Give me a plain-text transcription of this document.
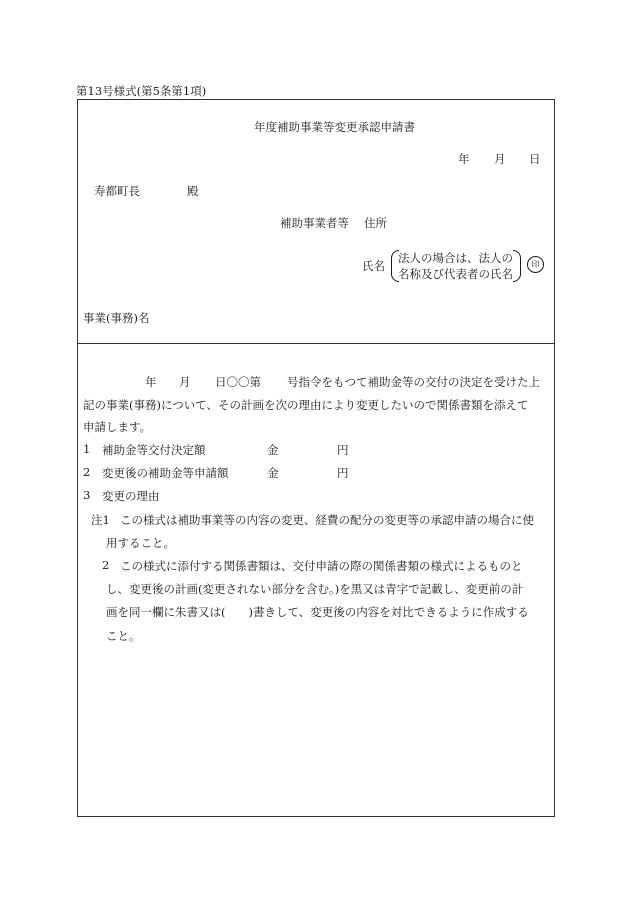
第13号様式(第5条第1項)
年度補助事業等変更承認申請書
年 月 日
寿都町長	殿
補助事業者等 住所
氏名
法人の場合は、法人の
名称及び代表者の氏名
印
事業(事務)名
年 月 日〇〇第 号指令をもつて補助金等の交付の決定を受けた上
記の事業(事務)について、その計画を次の理由により変更したいので関係書類を添えて
申請します。
1 補助金等交付決定額	金	円
2 変更後の補助金等申請額	金	円
3 変更の理由
注1 この様式は補助事業等の内容の変更、経費の配分の変更等の承認申請の場合に使
用すること。
2 この様式に添付する関係書類は、交付申請の際の関係書類の様式によるものと
し、変更後の計画(変更されない部分を含む。)を黒又は青字で記載し、変更前の計
画を同一欄に朱書又は(　　)書きして、変更後の内容を対比できるように作成する
こと。
